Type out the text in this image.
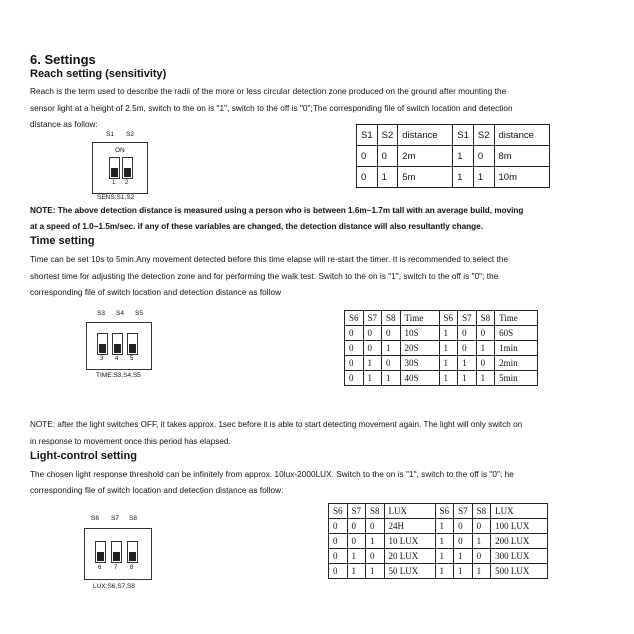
6. Settings
Reach setting (sensitivity)
Reach is the term used to describe the radii of the more or less circular detection zone produced on the ground after mounting the
sensor light at a height of 2.5m, switch to the on is "1", switch to the off is "0";The corresponding file of switch location and detection
distance as follow:
S1 S2
ON
1 2
SENS:S1,S2
S1	S2	distance	S1	S2	distance
0	0	2m	1	0	8m
0	1	5m	1	1	10m
NOTE: The above detection distance is measured using a person who is between 1.6m~1.7m tall with an average build, moving
at a speed of 1.0~1.5m/sec. if any of these variables are changed, the detection distance will also resultantly change.
Time setting
Time can be set 10s to 5min.Any movement detected before this time elapse will re-start the timer. It is recommended to select the
shortest time for adjusting the detection zone and for performing the walk test. Switch to the on is "1", switch to the off is "0"; the
corresponding file of switch location and detection distance as follow
S3 S4 S5
3 4 5
TIME:S3,S4,S5
S6	S7	S8	Time	S6	S7	S8	Time
0	0	0	10S	1	0	0	60S
0	0	1	20S	1	0	1	1min
0	1	0	30S	1	1	0	2min
0	1	1	40S	1	1	1	5min
NOTE: after the light switches OFF, it takes approx. 1sec before it is able to start detecting movement again. The light will only switch on
in response to movement once this period has elapsed.
Light-control setting
The chosen light response threshold can be infinitely from approx. 10lux-2000LUX. Switch to the on is "1", switch to the off is "0"; he
corresponding file of switch location and detection distance as follow:
S6 S7 S8
6 7 8
LUX:S6,S7,S8
S6	S7	S8	LUX	S6	S7	S8	LUX
0	0	0	24H	1	0	0	100 LUX
0	0	1	10 LUX	1	0	1	200 LUX
0	1	0	20 LUX	1	1	0	300 LUX
0	1	1	50 LUX	1	1	1	500 LUX
